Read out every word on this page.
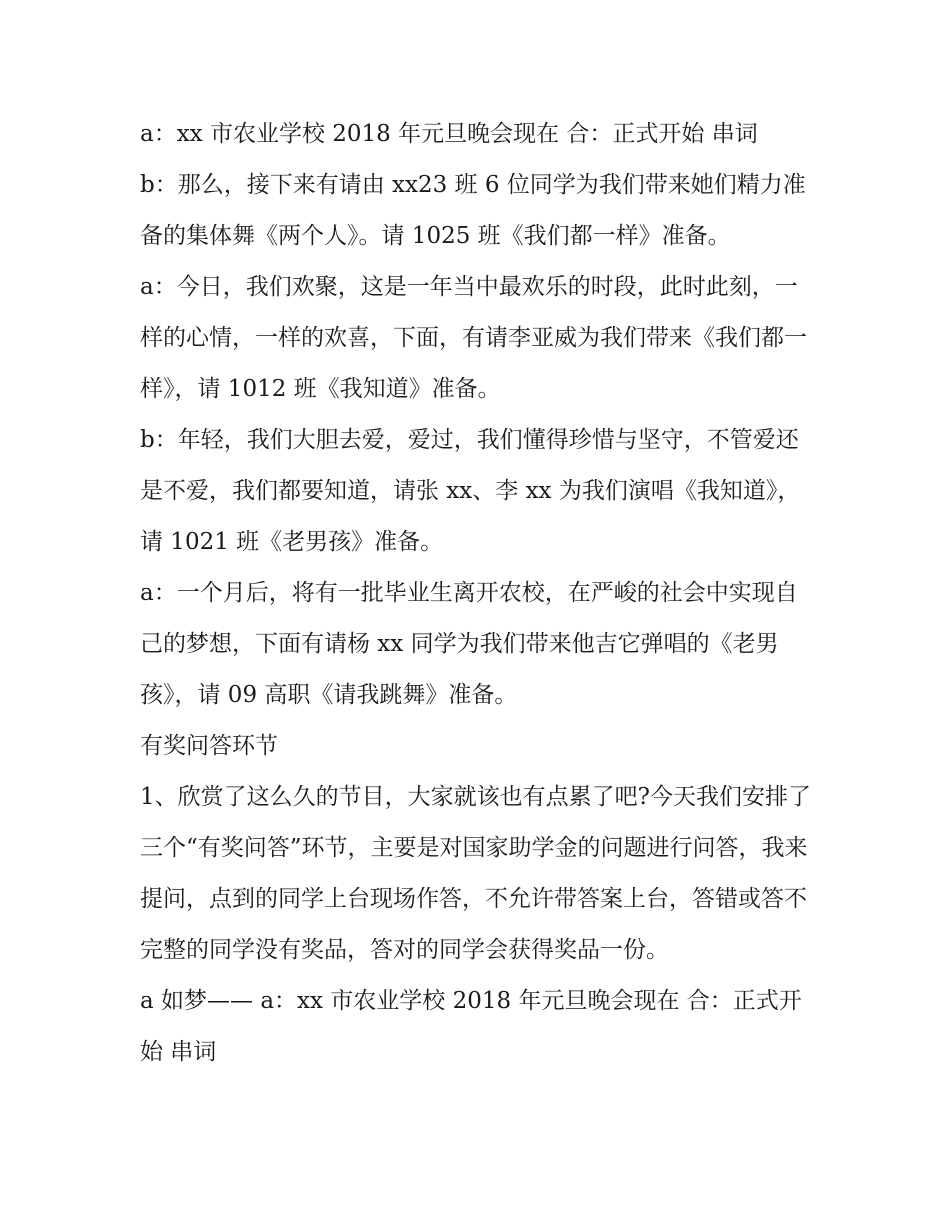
a：xx 市农业学校 2018 年元旦晚会现在 合：正式开始 串词

b：那么，接下来有请由 xx23 班 6 位同学为我们带来她们精力准备的集体舞《两个人》。请 1025 班《我们都一样》准备。

a：今日，我们欢聚，这是一年当中最欢乐的时段，此时此刻，一样的心情，一样的欢喜，下面，有请李亚威为我们带来《我们都一样》，请 1012 班《我知道》准备。

b：年轻，我们大胆去爱，爱过，我们懂得珍惜与坚守，不管爱还是不爱，我们都要知道，请张 xx、李 xx 为我们演唱《我知道》，请 1021 班《老男孩》准备。

a：一个月后，将有一批毕业生离开农校，在严峻的社会中实现自己的梦想，下面有请杨 xx 同学为我们带来他吉它弹唱的《老男孩》，请 09 高职《请我跳舞》准备。

有奖问答环节

1、欣赏了这么久的节目，大家就该也有点累了吧?今天我们安排了三个“有奖问答”环节，主要是对国家助学金的问题进行问答，我来提问，点到的同学上台现场作答，不允许带答案上台，答错或答不完整的同学没有奖品，答对的同学会获得奖品一份。

a 如梦—— a：xx 市农业学校 2018 年元旦晚会现在 合：正式开始 串词
